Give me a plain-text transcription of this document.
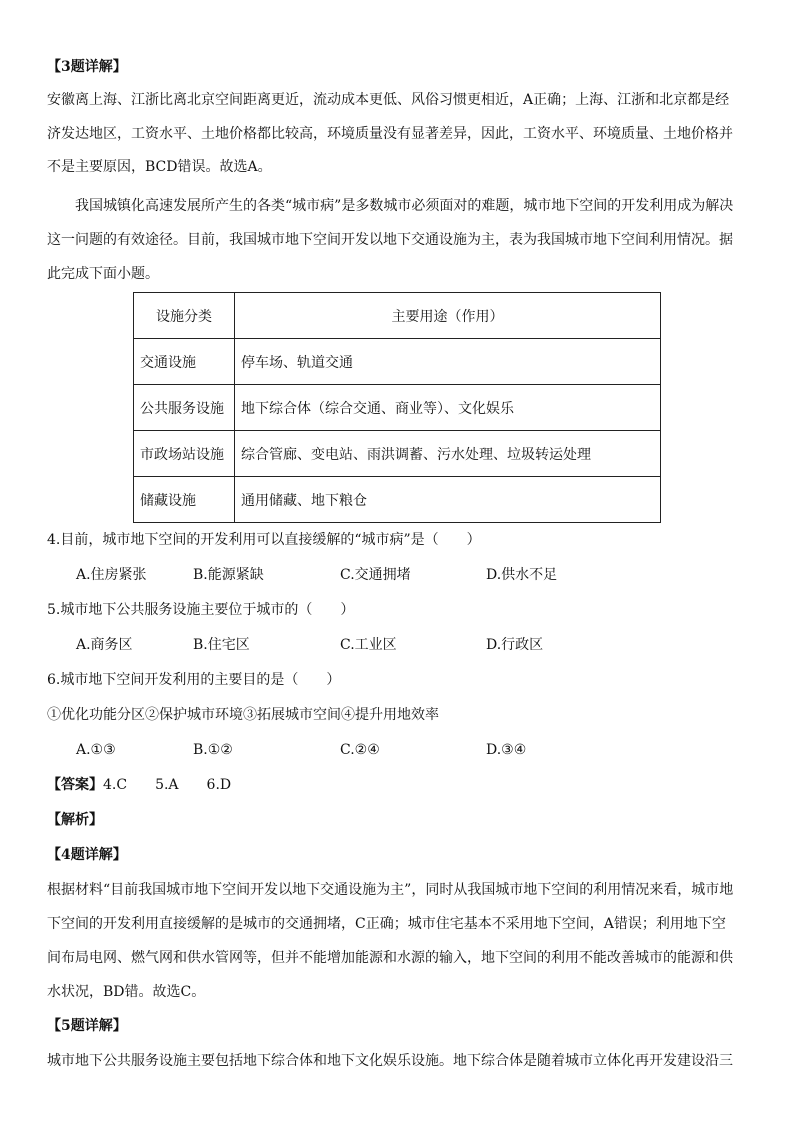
【3题详解】
安徽离上海、江浙比离北京空间距离更近，流动成本更低、风俗习惯更相近，A正确；上海、江浙和北京都是经
济发达地区，工资水平、土地价格都比较高，环境质量没有显著差异，因此，工资水平、环境质量、土地价格并
不是主要原因，BCD错误。故选A。
我国城镇化高速发展所产生的各类“城市病”是多数城市必须面对的难题，城市地下空间的开发利用成为解决
这一问题的有效途径。目前，我国城市地下空间开发以地下交通设施为主，表为我国城市地下空间利用情况。据
此完成下面小题。
设施分类	主要用途（作用）
交通设施	停车场、轨道交通
公共服务设施	地下综合体（综合交通、商业等）、文化娱乐
市政场站设施	综合管廊、变电站、雨洪调蓄、污水处理、垃圾转运处理
储藏设施	通用储藏、地下粮仓
4.目前，城市地下空间的开发利用可以直接缓解的“城市病”是（　　）
A.住房紧张	B.能源紧缺	C.交通拥堵	D.供水不足
5.城市地下公共服务设施主要位于城市的（　　）
A.商务区	B.住宅区	C.工业区	D.行政区
6.城市地下空间开发利用的主要目的是（　　）
①优化功能分区②保护城市环境③拓展城市空间④提升用地效率
A.①③	B.①②	C.②④	D.③④
【答案】4.C 5.A 6.D
【解析】
【4题详解】
根据材料“目前我国城市地下空间开发以地下交通设施为主”，同时从我国城市地下空间的利用情况来看，城市地
下空间的开发利用直接缓解的是城市的交通拥堵，C正确；城市住宅基本不采用地下空间，A错误；利用地下空
间布局电网、燃气网和供水管网等，但并不能增加能源和水源的输入，地下空间的利用不能改善城市的能源和供
水状况，BD错。故选C。
【5题详解】
城市地下公共服务设施主要包括地下综合体和地下文化娱乐设施。地下综合体是随着城市立体化再开发建设沿三
